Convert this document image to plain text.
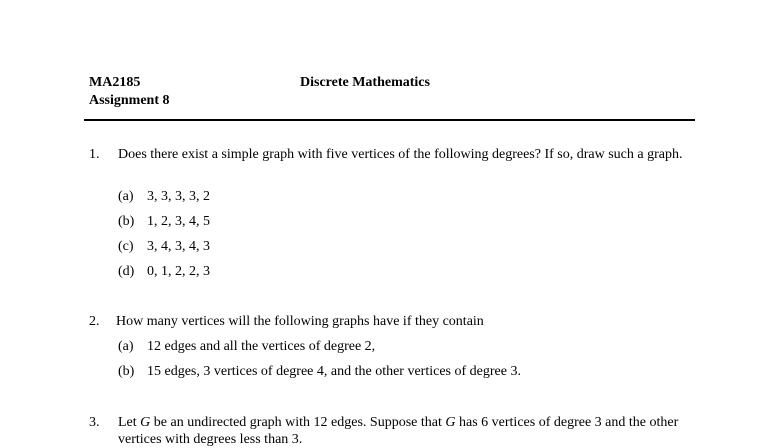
MA2185
Assignment 8
Discrete Mathematics
1. Does there exist a simple graph with five vertices of the following degrees? If so, draw such a graph.
(a) 3, 3, 3, 3, 2
(b) 1, 2, 3, 4, 5
(c) 3, 4, 3, 4, 3
(d) 0, 1, 2, 2, 3
2. How many vertices will the following graphs have if they contain
(a) 12 edges and all the vertices of degree 2,
(b) 15 edges, 3 vertices of degree 4, and the other vertices of degree 3.
3. Let G be an undirected graph with 12 edges. Suppose that G has 6 vertices of degree 3 and the other vertices with degrees less than 3.
